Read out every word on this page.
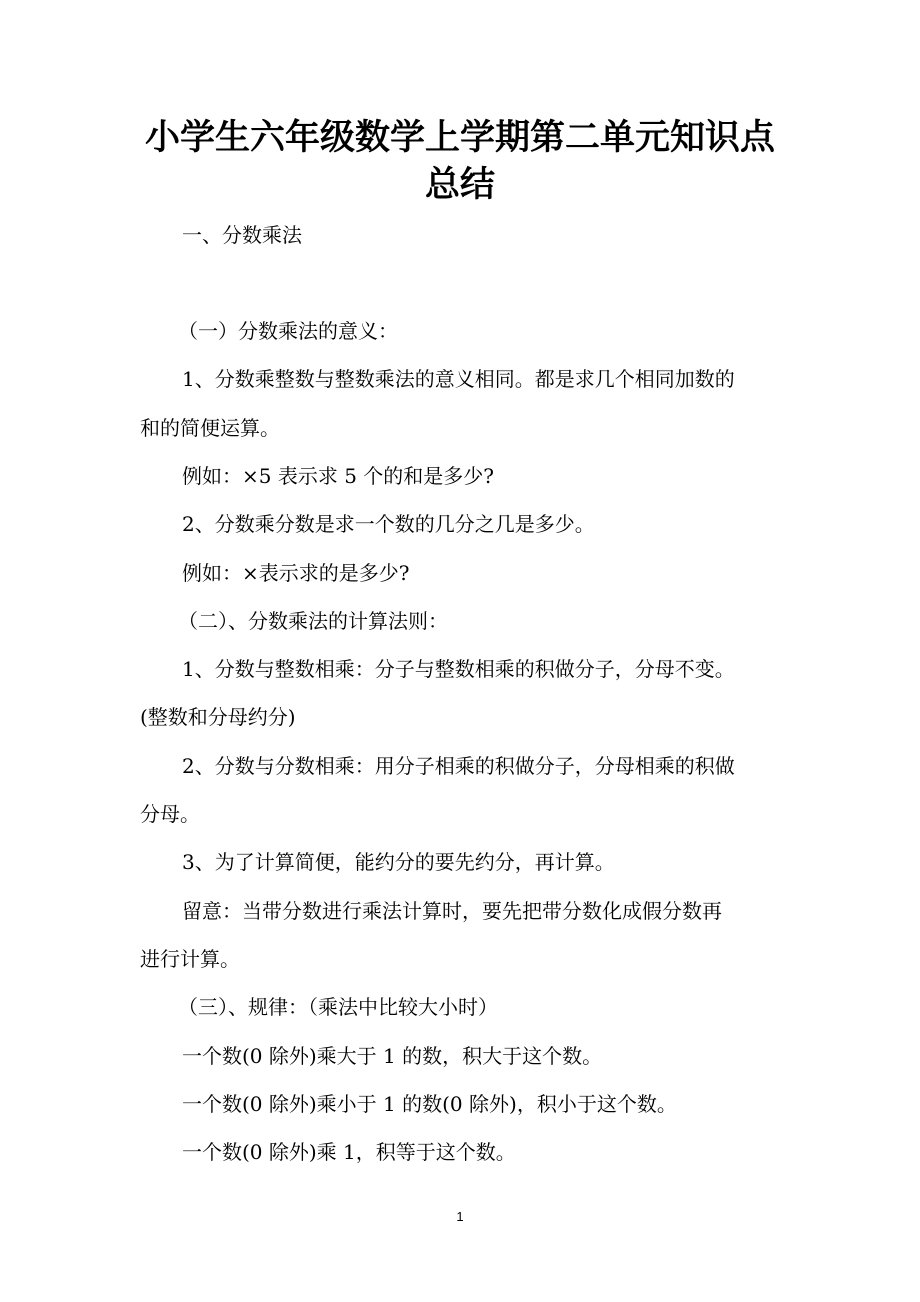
小学生六年级数学上学期第二单元知识点
总结
一、分数乘法
（一）分数乘法的意义：
1、分数乘整数与整数乘法的意义相同。都是求几个相同加数的
和的简便运算。
例如：×5 表示求 5 个的和是多少?
2、分数乘分数是求一个数的几分之几是多少。
例如：×表示求的是多少?
（二）、分数乘法的计算法则：
1、分数与整数相乘：分子与整数相乘的积做分子，分母不变。
(整数和分母约分)
2、分数与分数相乘：用分子相乘的积做分子，分母相乘的积做
分母。
3、为了计算简便，能约分的要先约分，再计算。
留意：当带分数进行乘法计算时，要先把带分数化成假分数再
进行计算。
（三）、规律：（乘法中比较大小时）
一个数(0 除外)乘大于 1 的数，积大于这个数。
一个数(0 除外)乘小于 1 的数(0 除外)，积小于这个数。
一个数(0 除外)乘 1，积等于这个数。
1
